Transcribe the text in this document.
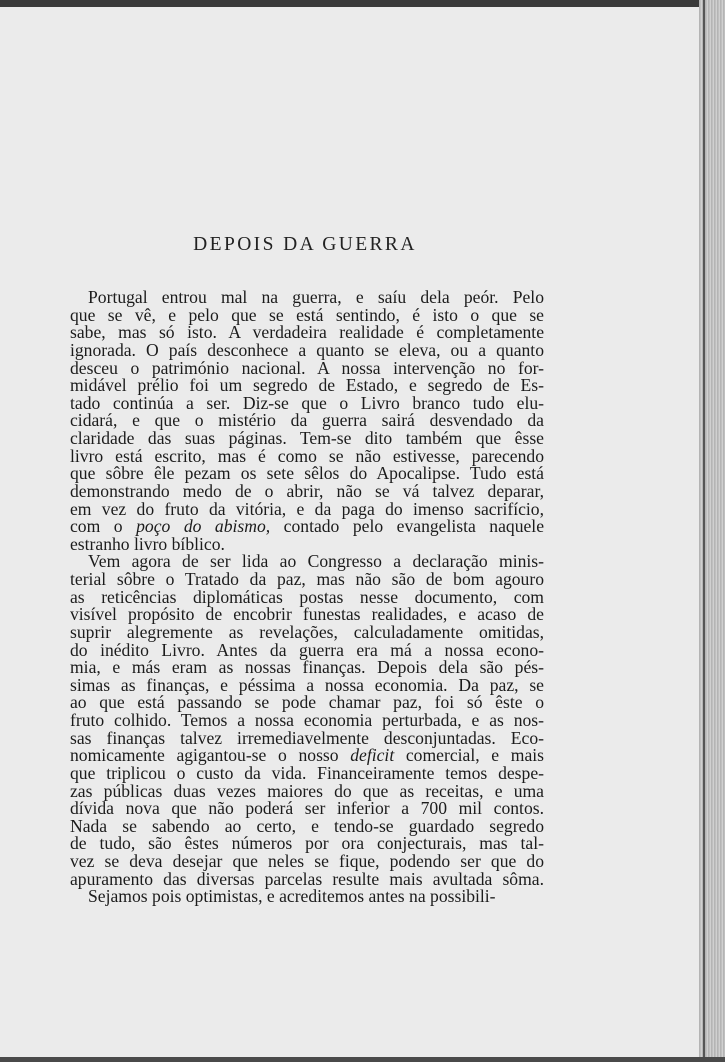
DEPOIS DA GUERRA
Portugal entrou mal na guerra, e saíu dela peór. Pelo
que se vê, e pelo que se está sentindo, é isto o que se
sabe, mas só isto. A verdadeira realidade é completamente
ignorada. O país desconhece a quanto se eleva, ou a quanto
desceu o património nacional. A nossa intervenção no for-
midável prélio foi um segredo de Estado, e segredo de Es-
tado continúa a ser. Diz-se que o Livro branco tudo elu-
cidará, e que o mistério da guerra sairá desvendado da
claridade das suas páginas. Tem-se dito também que êsse
livro está escrito, mas é como se não estivesse, parecendo
que sôbre êle pezam os sete sêlos do Apocalipse. Tudo está
demonstrando medo de o abrir, não se vá talvez deparar,
em vez do fruto da vitória, e da paga do imenso sacrifício,
com o poço do abismo, contado pelo evangelista naquele
estranho livro bíblico.
Vem agora de ser lida ao Congresso a declaração minis-
terial sôbre o Tratado da paz, mas não são de bom agouro
as reticências diplomáticas postas nesse documento, com
visível propósito de encobrir funestas realidades, e acaso de
suprir alegremente as revelações, calculadamente omitidas,
do inédito Livro. Antes da guerra era má a nossa econo-
mia, e más eram as nossas finanças. Depois dela são pés-
simas as finanças, e péssima a nossa economia. Da paz, se
ao que está passando se pode chamar paz, foi só êste o
fruto colhido. Temos a nossa economia perturbada, e as nos-
sas finanças talvez irremediavelmente desconjuntadas. Eco-
nomicamente agigantou-se o nosso deficit comercial, e mais
que triplicou o custo da vida. Financeiramente temos despe-
zas públicas duas vezes maiores do que as receitas, e uma
dívida nova que não poderá ser inferior a 700 mil contos.
Nada se sabendo ao certo, e tendo-se guardado segredo
de tudo, são êstes números por ora conjecturais, mas tal-
vez se deva desejar que neles se fique, podendo ser que do
apuramento das diversas parcelas resulte mais avultada sôma.
Sejamos pois optimistas, e acreditemos antes na possibili-
